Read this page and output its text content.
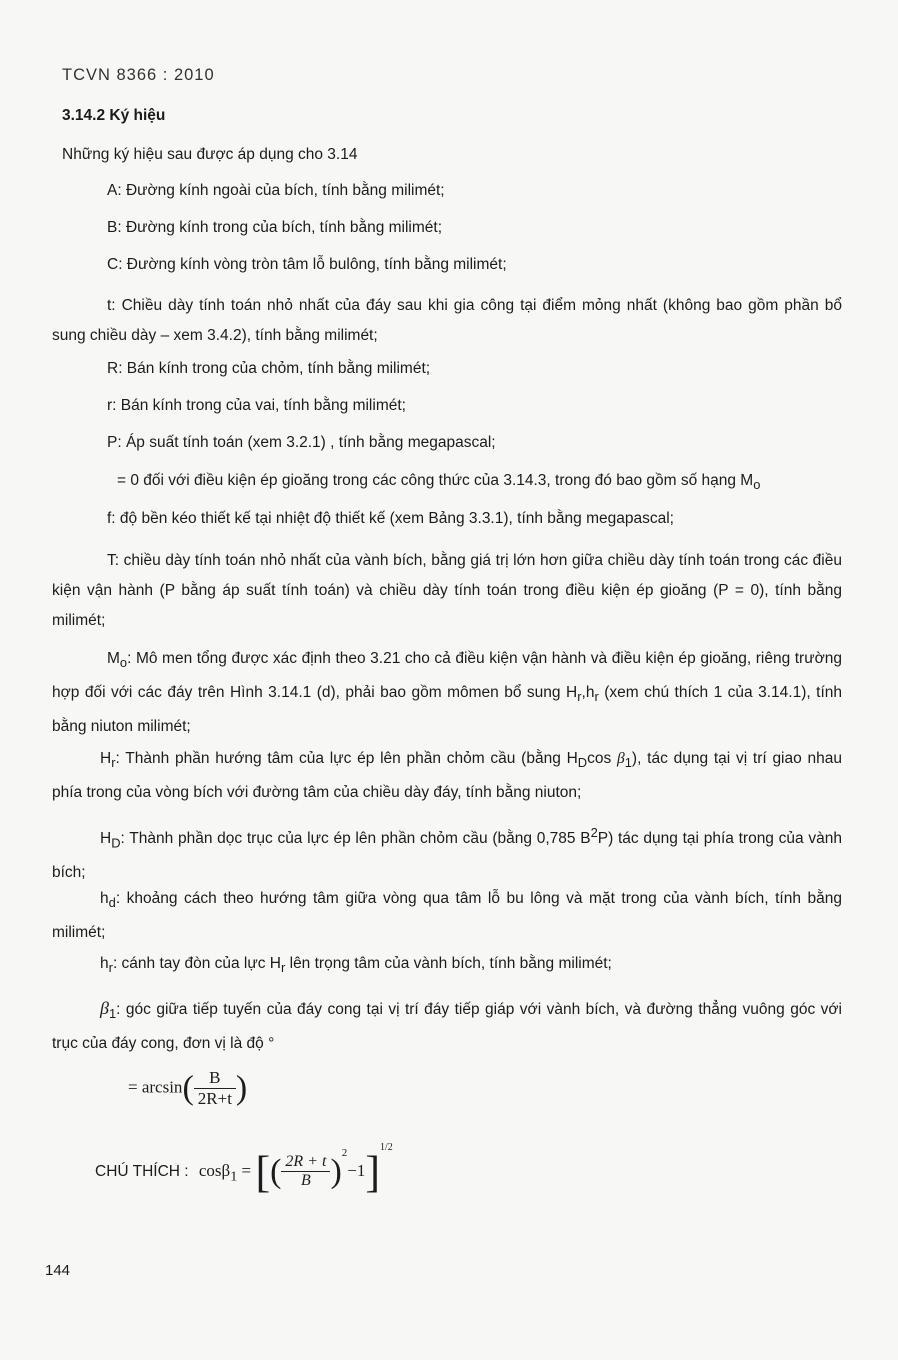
TCVN 8366 : 2010
3.14.2 Ký hiệu
Những ký hiệu sau được áp dụng cho 3.14
A: Đường kính ngoài của bích, tính bằng milimét;
B: Đường kính trong của bích, tính bằng milimét;
C: Đường kính vòng tròn tâm lỗ bulông, tính bằng milimét;
t: Chiều dày tính toán nhỏ nhất của đáy sau khi gia công tại điểm mỏng nhất (không bao gồm phần bổ sung chiều dày – xem 3.4.2), tính bằng milimét;
R: Bán kính trong của chỏm, tính bằng milimét;
r: Bán kính trong của vai, tính bằng milimét;
P: Áp suất tính toán (xem 3.2.1) , tính bằng megapascal;
= 0 đối với điều kiện ép gioăng trong các công thức của 3.14.3, trong đó bao gồm số hạng $M_o$
f: độ bền kéo thiết kế tại nhiệt độ thiết kế (xem Bảng 3.3.1), tính bằng megapascal;
T: chiều dày tính toán nhỏ nhất của vành bích, bằng giá trị lớn hơn giữa chiều dày tính toán trong các điều kiện vận hành (P bằng áp suất tính toán) và chiều dày tính toán trong điều kiện ép gioăng (P = 0), tính bằng milimét;
$M_o$: Mô men tổng được xác định theo 3.21 cho cả điều kiện vận hành và điều kiện ép gioăng, riêng trường hợp đối với các đáy trên Hình 3.14.1 (d), phải bao gồm mômen bổ sung $H_r,h_r$ (xem chú thích 1 của 3.14.1), tính bằng niuton milimét;
$H_r$: Thành phần hướng tâm của lực ép lên phần chỏm cầu (bằng $H_D\cos$ $\beta_1$), tác dụng tại vị trí giao nhau phía trong của vòng bích với đường tâm của chiều dày đáy, tính bằng niuton;
$H_D$: Thành phần dọc trục của lực ép lên phần chỏm cầu (bằng 0,785 $B^2P$) tác dụng tại phía trong của vành bích;
$h_d$: khoảng cách theo hướng tâm giữa vòng qua tâm lỗ bu lông và mặt trong của vành bích, tính bằng milimét;
$h_r$: cánh tay đòn của lực $H_r$ lên trọng tâm của vành bích, tính bằng milimét;
$\beta_1$: góc giữa tiếp tuyến của đáy cong tại vị trí đáy tiếp giáp với vành bích, và đường thẳng vuông góc với trục của đáy cong, đơn vị là độ °
= $\arcsin( \frac{B}{2R+t}$ )
CHÚ THÍCH : cosβ$_1$ = [( $\frac{2R + t}{B} )^2-1]^{1/2}$
144
